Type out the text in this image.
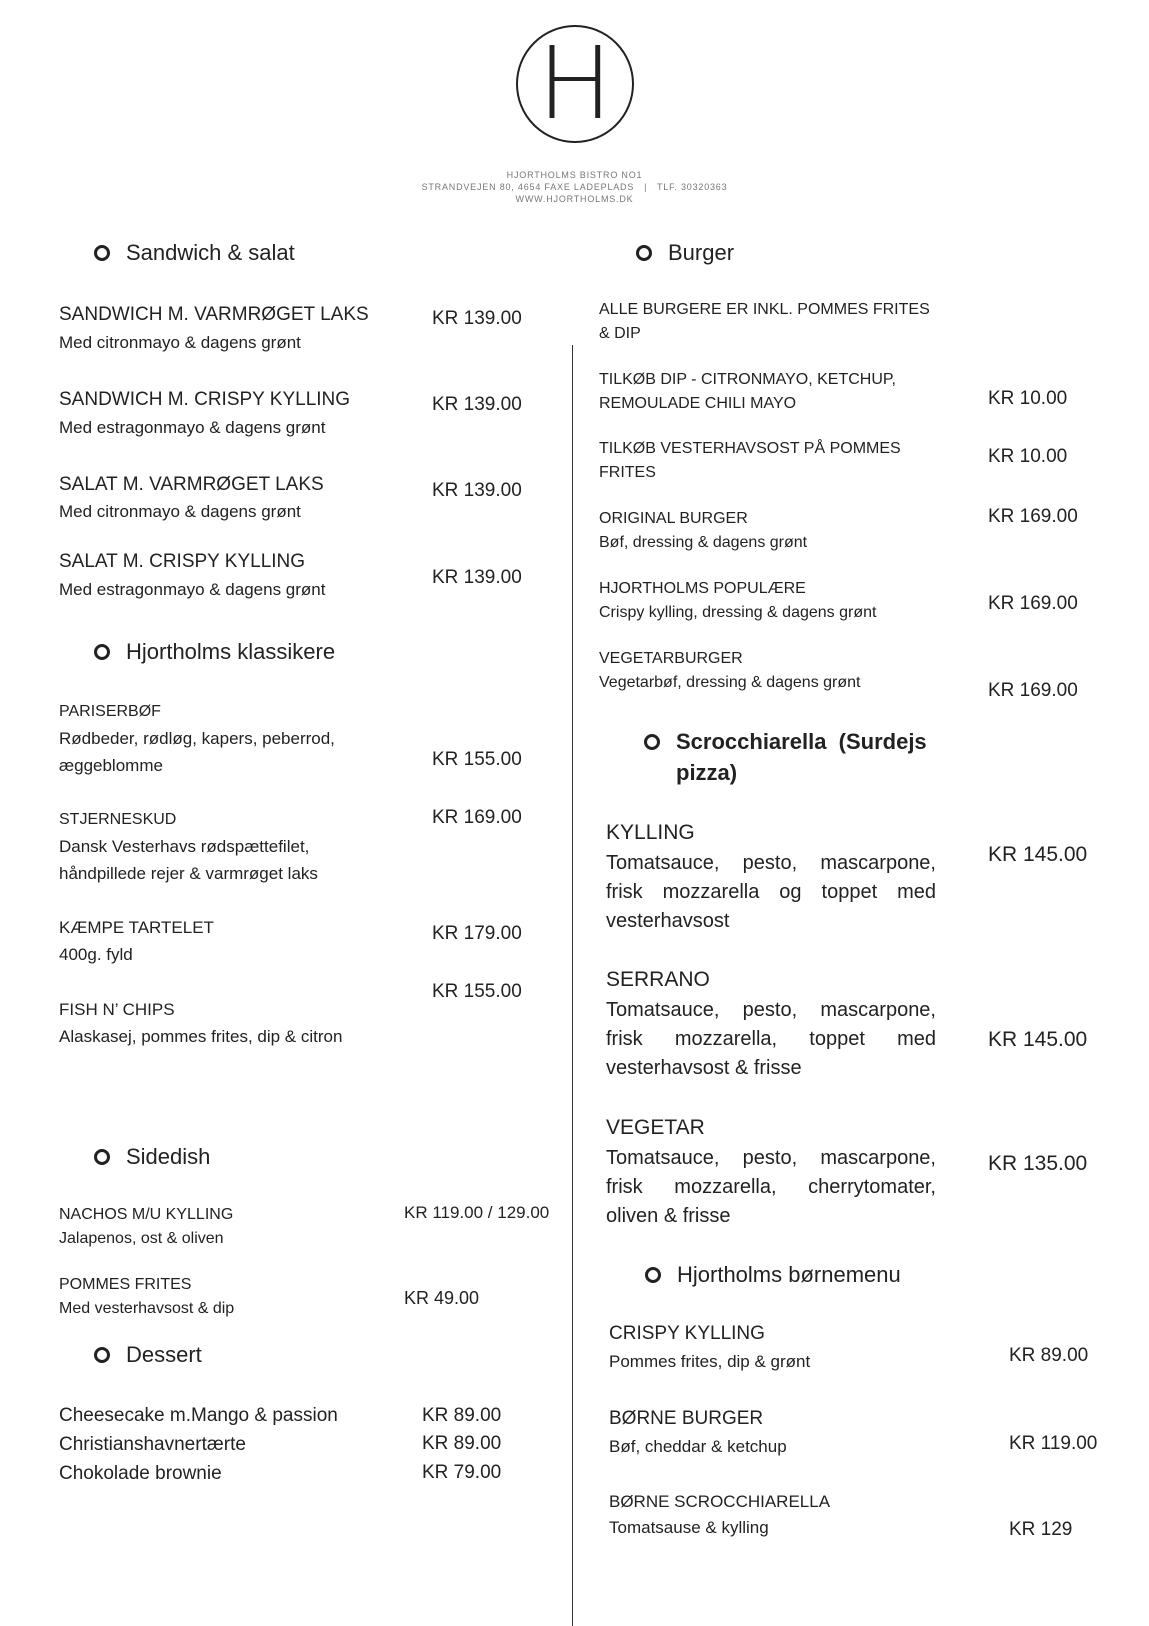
H
HJORTHOLMS BISTRO NO1
STRANDVEJEN 80, 4654 FAXE LADEPLADS | TLF. 30320363
WWW.HJORTHOLMS.DK
Sandwich & salat
SANDWICH M. VARMRØGET LAKS
Med citronmayo & dagens grønt
KR 139.00
SANDWICH M. CRISPY KYLLING
Med estragonmayo & dagens grønt
KR 139.00
SALAT M. VARMRØGET LAKS
Med citronmayo & dagens grønt
KR 139.00
SALAT M. CRISPY KYLLING
Med estragonmayo & dagens grønt
KR 139.00
Hjortholms klassikere
PARISERBØF
Rødbeder, rødløg, kapers, peberrod,
æggeblomme	KR 155.00
STJERNESKUD
Dansk Vesterhavs rødspættefilet,
håndpillede rejer & varmrøget laks
KR 169.00
KÆMPE TARTELET
400g. fyld
KR 179.00
FISH N’ CHIPS
Alaskasej, pommes frites, dip & citron
KR 155.00
Sidedish
NACHOS M/U KYLLING
Jalapenos, ost & oliven
KR 119.00 / 129.00
POMMES FRITES
Med vesterhavsost & dip
KR 49.00
Dessert
Cheesecake m.Mango & passion	KR 89.00
Christianshavnertærte	KR 89.00
Chokolade brownie	KR 79.00
Burger
ALLE BURGERE ER INKL. POMMES FRITES
& DIP
TILKØB DIP - CITRONMAYO, KETCHUP,
REMOULADE CHILI MAYO	KR 10.00
TILKØB VESTERHAVSOST PÅ POMMES
FRITES
KR 10.00
ORIGINAL BURGER
Bøf, dressing & dagens grønt
KR 169.00
HJORTHOLMS POPULÆRE
Crispy kylling, dressing & dagens grønt	KR 169.00
VEGETARBURGER
Vegetarbøf, dressing & dagens grønt	KR 169.00
Scrocchiarella  (Surdejs
pizza)
KYLLING
Tomatsauce, pesto, mascarpone, frisk mozzarella og toppet med vesterhavsost
KR 145.00
SERRANO
Tomatsauce, pesto, mascarpone, frisk mozzarella, toppet med vesterhavsost & frisse
KR 145.00
VEGETAR
Tomatsauce, pesto, mascarpone, frisk mozzarella, cherrytomater, oliven & frisse
KR 135.00
Hjortholms børnemenu
CRISPY KYLLING
Pommes frites, dip & grønt	KR 89.00
BØRNE BURGER
Bøf, cheddar & ketchup	KR 119.00
BØRNE SCROCCHIARELLA
Tomatsause & kylling	KR 129
